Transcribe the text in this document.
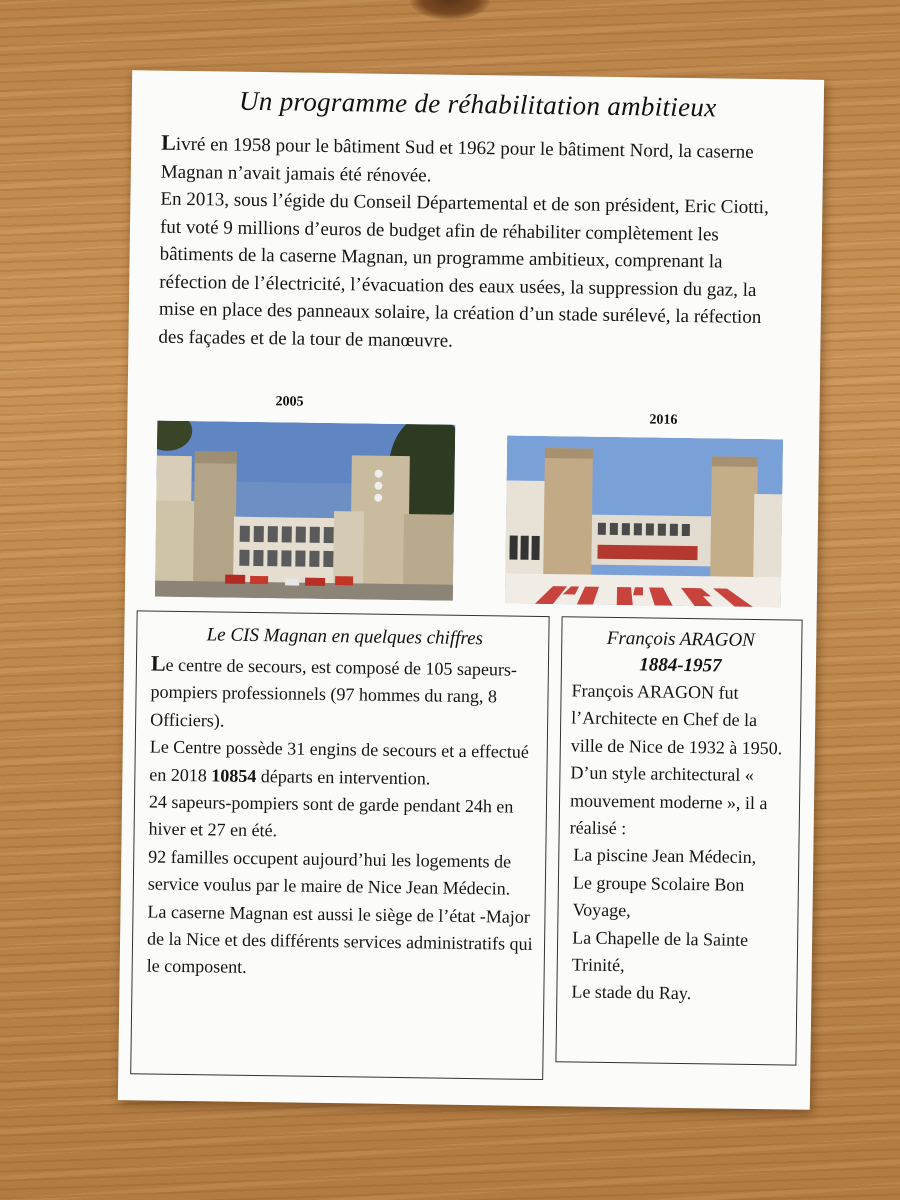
Un programme de réhabilitation ambitieux

Livré en 1958 pour le bâtiment Sud et 1962 pour le bâtiment Nord, la caserne Magnan n’avait jamais été rénovée.

En 2013, sous l’égide du Conseil Départemental et de son président, Eric Ciotti, fut voté 9 millions d’euros de budget afin de réhabiliter complètement les bâtiments de la caserne Magnan, un programme ambitieux, comprenant la réfection de l’électricité, l’évacuation des eaux usées, la suppression du gaz, la mise en place des panneaux solaire, la création d’un stade surélevé, la réfection des façades et de la tour de manœuvre.

2005
2016
Le CIS Magnan en quelques chiffres

Le centre de secours, est composé de 105 sapeurs-pompiers professionnels (97 hommes du rang, 8 Officiers).

Le Centre possède 31 engins de secours et a effectué en 2018 10854 départs en intervention.

24 sapeurs-pompiers sont de garde pendant 24h en hiver et 27 en été.

92 familles occupent aujourd’hui les logements de service voulus par le maire de Nice Jean Médecin.

La caserne Magnan est aussi le siège de l’état -Major de la Nice et des différents services administratifs qui le composent.

François ARAGON
1884-1957

François ARAGON fut l’Architecte en Chef de la ville de Nice de 1932 à 1950.

D’un style architectural « mouvement moderne », il a réalisé :

La piscine Jean Médecin,

Le groupe Scolaire Bon Voyage,

La Chapelle de la Sainte Trinité,

Le stade du Ray.
